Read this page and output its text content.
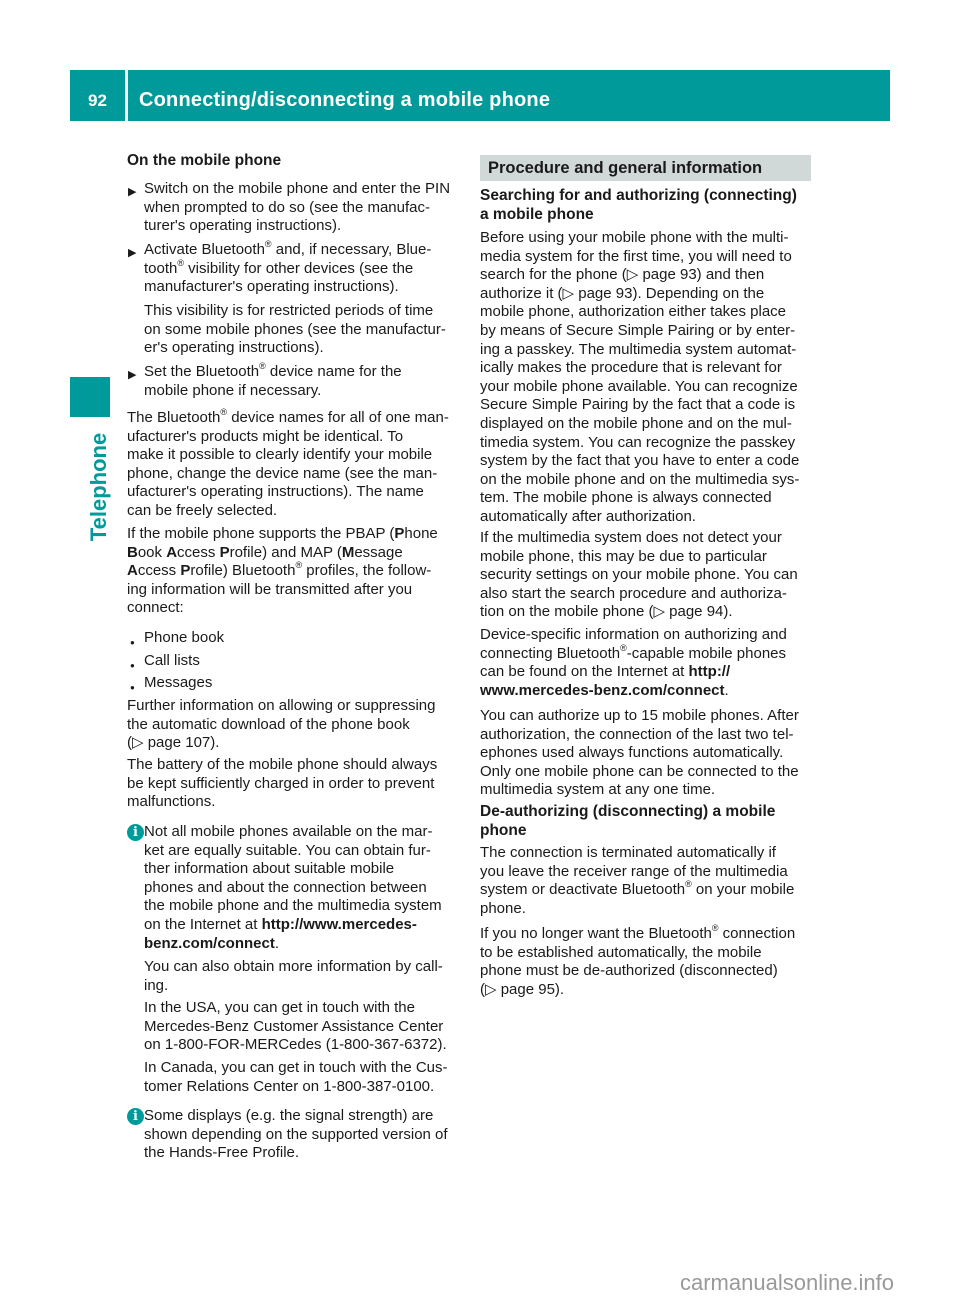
92	Connecting/disconnecting a mobile phone
Telephone
On the mobile phone
Switch on the mobile phone and enter the PIN
when prompted to do so (see the manufac-
turer's operating instructions).
▶
Activate Bluetooth® and, if necessary, Blue-
tooth® visibility for other devices (see the
manufacturer's operating instructions).
▶
This visibility is for restricted periods of time
on some mobile phones (see the manufactur-
er's operating instructions).
Set the Bluetooth® device name for the
mobile phone if necessary.
▶
The Bluetooth® device names for all of one man-
ufacturer's products might be identical. To
make it possible to clearly identify your mobile
phone, change the device name (see the man-
ufacturer's operating instructions). The name
can be freely selected.
If the mobile phone supports the PBAP (Phone
Book Access Profile) and MAP (Message
Access Profile) Bluetooth® profiles, the follow-
ing information will be transmitted after you
connect:
Phone book
●
Call lists
●
Messages
●
Further information on allowing or suppressing
the automatic download of the phone book
(▷ page 107).
The battery of the mobile phone should always
be kept sufficiently charged in order to prevent
malfunctions.
Not all mobile phones available on the mar-
ket are equally suitable. You can obtain fur-
ther information about suitable mobile
phones and about the connection between
the mobile phone and the multimedia system
on the Internet at http://www.mercedes-
benz.com/connect.
i
You can also obtain more information by call-
ing.
In the USA, you can get in touch with the
Mercedes-Benz Customer Assistance Center
on 1-800-FOR-MERCedes (1-800-367-6372).
In Canada, you can get in touch with the Cus-
tomer Relations Center on 1-800-387-0100.
Some displays (e.g. the signal strength) are
shown depending on the supported version of
the Hands-Free Profile.
i
Procedure and general information
Searching for and authorizing (connecting)
a mobile phone
Before using your mobile phone with the multi-
media system for the first time, you will need to
search for the phone (▷ page 93) and then
authorize it (▷ page 93). Depending on the
mobile phone, authorization either takes place
by means of Secure Simple Pairing or by enter-
ing a passkey. The multimedia system automat-
ically makes the procedure that is relevant for
your mobile phone available. You can recognize
Secure Simple Pairing by the fact that a code is
displayed on the mobile phone and on the mul-
timedia system. You can recognize the passkey
system by the fact that you have to enter a code
on the mobile phone and on the multimedia sys-
tem. The mobile phone is always connected
automatically after authorization.
If the multimedia system does not detect your
mobile phone, this may be due to particular
security settings on your mobile phone. You can
also start the search procedure and authoriza-
tion on the mobile phone (▷ page 94).
Device-specific information on authorizing and
connecting Bluetooth®-capable mobile phones
can be found on the Internet at http://
www.mercedes-benz.com/connect.
You can authorize up to 15 mobile phones. After
authorization, the connection of the last two tel-
ephones used always functions automatically.
Only one mobile phone can be connected to the
multimedia system at any one time.
De-authorizing (disconnecting) a mobile
phone
The connection is terminated automatically if
you leave the receiver range of the multimedia
system or deactivate Bluetooth® on your mobile
phone.
If you no longer want the Bluetooth® connection
to be established automatically, the mobile
phone must be de-authorized (disconnected)
(▷ page 95).
carmanualsonline.info
